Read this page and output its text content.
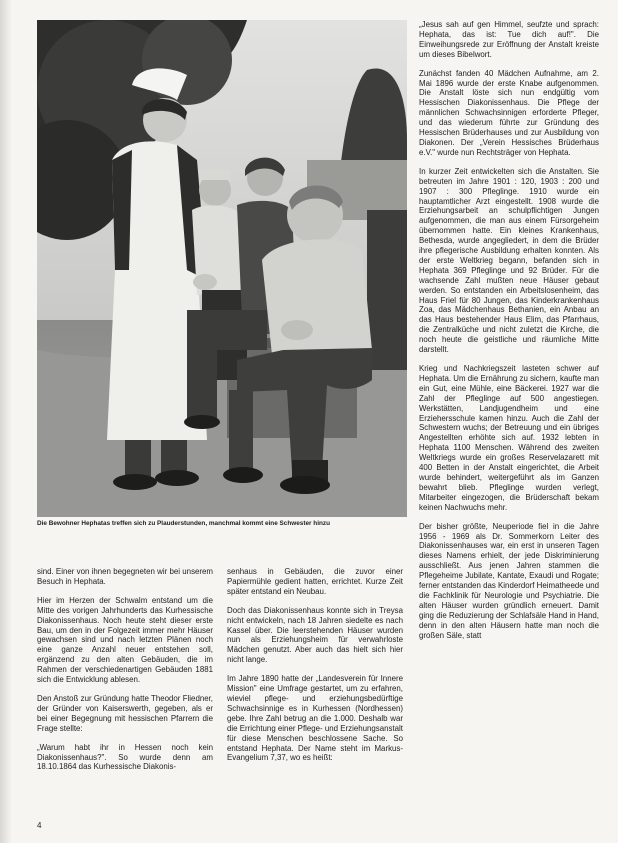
Die Bewohner Hephatas treffen sich zu Plauderstunden, manchmal kommt eine Schwester hinzu

sind. Einer von ihnen begegneten wir bei unserem Besuch in Hephata.

Hier im Herzen der Schwalm entstand um die Mitte des vorigen Jahrhunderts das Kurhessische Diakonissenhaus. Noch heute steht dieser erste Bau, um den in der Folgezeit immer mehr Häuser gewachsen sind und nach letzten Plänen noch eine ganze Anzahl neuer entstehen soll, ergänzend zu den alten Gebäuden, die im Rahmen der verschiedenartigen Gebäuden 1881 sich die Entwicklung ablesen.

Den Anstoß zur Gründung hatte Theodor Fliedner, der Gründer von Kaiserswerth, gegeben, als er bei einer Begegnung mit hessischen Pfarrern die Frage stellte:

„Warum habt ihr in Hessen noch kein Diakonissenhaus?". So wurde denn am 18.10.1864 das Kurhessische Diakonis-

senhaus in Gebäuden, die zuvor einer Papiermühle gedient hatten, errichtet. Kurze Zeit später entstand ein Neubau.

Doch das Diakonissenhaus konnte sich in Treysa nicht entwickeln, nach 18 Jahren siedelte es nach Kassel über. Die leerstehenden Häuser wurden nun als Erziehungsheim für verwahrloste Mädchen genutzt. Aber auch das hielt sich hier nicht lange.

Im Jahre 1890 hatte der „Landesverein für Innere Mission" eine Umfrage gestartet, um zu erfahren, wieviel pflege- und erziehungsbedürftige Schwachsinnige es in Kurhessen (Nordhessen) gebe. Ihre Zahl betrug an die 1.000. Deshalb war die Errichtung einer Pflege- und Erziehungsanstalt für diese Menschen beschlossene Sache. So entstand Hephata. Der Name steht im Markus-Evangelium 7,37, wo es heißt:

„Jesus sah auf gen Himmel, seufzte und sprach: Hephata, das ist: Tue dich auf!". Die Einweihungsrede zur Eröffnung der Anstalt kreiste um dieses Bibelwort.

Zunächst fanden 40 Mädchen Aufnahme, am 2. Mai 1896 wurde der erste Knabe aufgenommen. Die Anstalt löste sich nun endgültig vom Hessischen Diakonissenhaus. Die Pflege der männlichen Schwachsinnigen erforderte Pfleger, und das wiederum führte zur Gründung des Hessischen Brüderhauses und zur Ausbildung von Diakonen. Der „Verein Hessisches Brüderhaus e.V." wurde nun Rechtsträger von Hephata.

In kurzer Zeit entwickelten sich die Anstalten. Sie betreuten im Jahre 1901 : 120, 1903 : 200 und 1907 : 300 Pfleglinge. 1910 wurde ein hauptamtlicher Arzt eingestellt. 1908 wurde die Erziehungsarbeit an schulpflichtigen Jungen aufgenommen, die man aus einem Fürsorgeheim übernommen hatte. Ein kleines Krankenhaus, Bethesda, wurde angegliedert, in dem die Brüder ihre pflegerische Ausbildung erhalten konnten. Als der erste Weltkrieg begann, befanden sich in Hephata 369 Pfleglinge und 92 Brüder. Für die wachsende Zahl mußten neue Häuser gebaut werden. So entstanden ein Arbeitslosenheim, das Haus Friel für 80 Jungen, das Kinderkrankenhaus Zoa, das Mädchenhaus Bethanien, ein Anbau an das Haus bestehender Haus Elim, das Pfarrhaus, die Zentralküche und nicht zuletzt die Kirche, die noch heute die geistliche und räumliche Mitte darstellt.

Krieg und Nachkriegszeit lasteten schwer auf Hephata. Um die Ernährung zu sichern, kaufte man ein Gut, eine Mühle, eine Bäckerei. 1927 war die Zahl der Pfleglinge auf 500 angestiegen. Werkstätten, Landjugendheim und eine Erziehersschule kamen hinzu. Auch die Zahl der Schwestern wuchs; der Betreuung und ein übriges Angestellten erhöhte sich auf. 1932 lebten in Hephata 1100 Menschen. Während des zweiten Weltkriegs wurde ein großes Reservelazarett mit 400 Betten in der Anstalt eingerichtet, die Arbeit wurde behindert, weitergeführt als im Ganzen bewahrt blieb. Pfleglinge wurden verlegt, Mitarbeiter eingezogen, die Brüderschaft bekam keinen Nachwuchs mehr.

Der bisher größte, Neuperiode fiel in die Jahre 1956 - 1969 als Dr. Sommerkorn Leiter des Diakonissenhauses war, ein erst in unseren Tagen dieses Namens erhielt, der jede Diskriminierung ausschließt. Aus jenen Jahren stammen die Pflegeheime Jubilate, Kantate, Exaudi und Rogate; ferner entstanden das Kinderdorf Heimatheede und die Fachklinik für Neurologie und Psychiatrie. Die alten Häuser wurden gründlich erneuert. Damit ging die Reduzierung der Schlafsäle Hand in Hand, denn in den alten Häusern hatte man noch die großen Säle, statt

4
